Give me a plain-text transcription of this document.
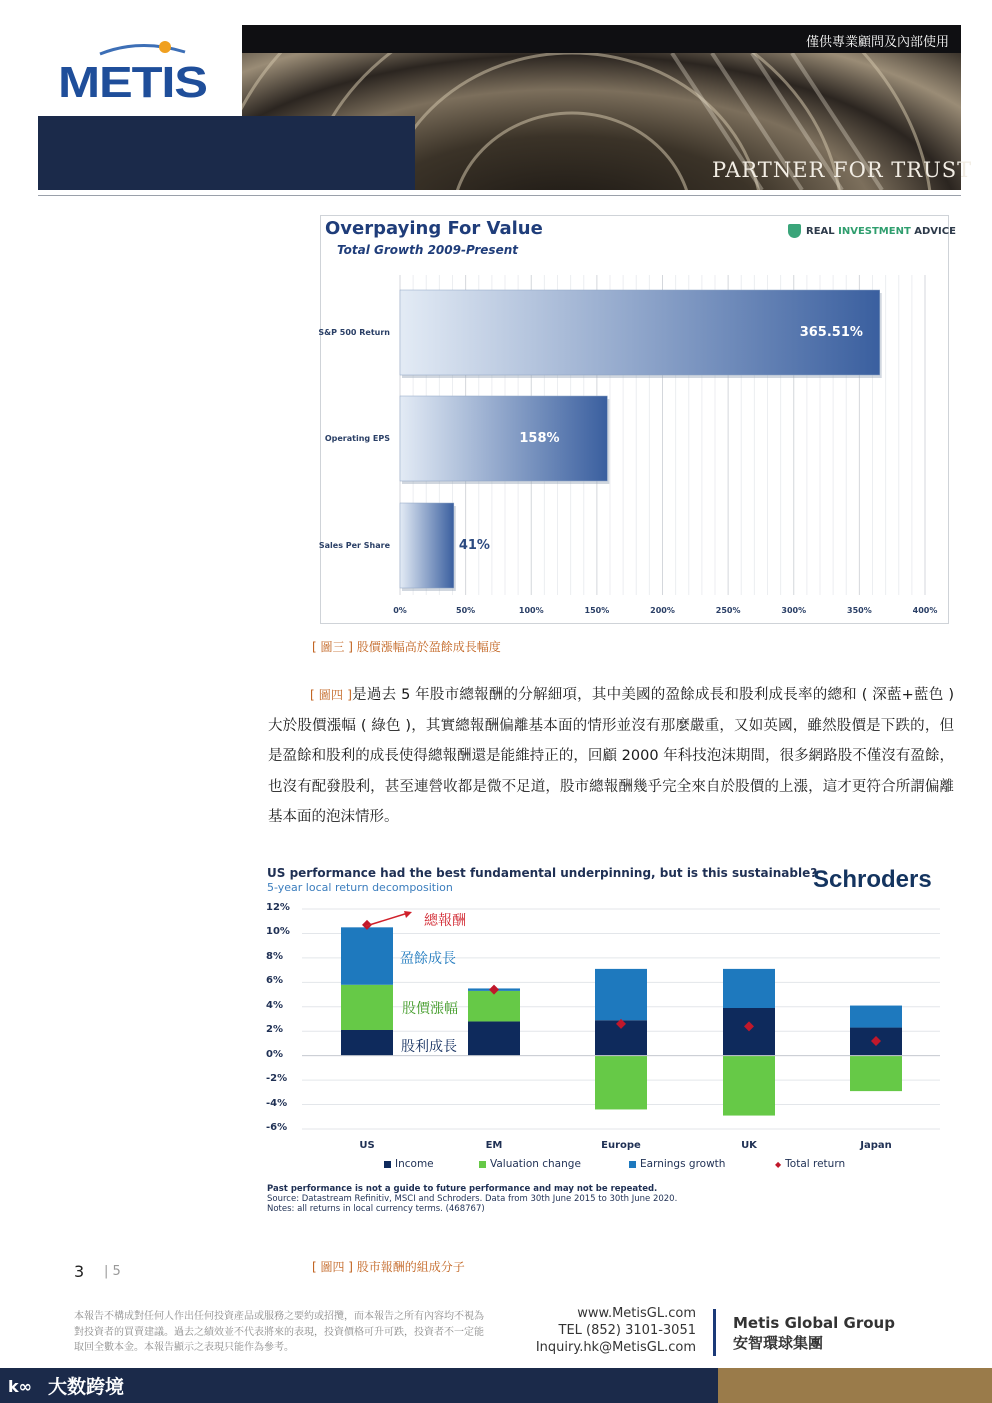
METIS
僅供專業顧問及內部使用
PARTNER FOR TRUST
Overpaying For Value
Total Growth 2009-Present
REAL INVESTMENT ADVICE
0%	50%	100%	150%	200%	250%	300%	350%	400%
S&P 500 Return	365.51%
Operating EPS	158%
Sales Per Share	41%
[ 圖三 ] 股價漲幅高於盈餘成長幅度
[ 圖四 ]是過去 5 年股市總報酬的分解細項，其中美國的盈餘成長和股利成長率的總和 ( 深藍+藍色 ) 大於股價漲幅 ( 綠色 )，其實總報酬偏離基本面的情形並沒有那麼嚴重，又如英國，雖然股價是下跌的，但是盈餘和股利的成長使得總報酬還是能維持正的，回顧 2000 年科技泡沫期間，很多網路股不僅沒有盈餘，也沒有配發股利，甚至連營收都是微不足道，股市總報酬幾乎完全來自於股價的上漲，這才更符合所謂偏離基本面的泡沫情形。
US performance had the best fundamental underpinning, but is this sustainable?
5-year local return decomposition	Schroders
12%
10%
8%
6%
4%
2%
0%
-2%
-4%
-6%
US	EM	Europe	UK	Japan
總報酬
盈餘成長
股價漲幅
股利成長
Income	Valuation change	Earnings growth	◆ Total return
Past performance is not a guide to future performance and may not be repeated.
Source: Datastream Refinitiv, MSCI and Schroders. Data from 30th June 2015 to 30th June 2020.
Notes: all returns in local currency terms. (468767)
[ 圖四 ] 股市報酬的組成分子
3 | 5
本報告不構成對任何人作出任何投資產品或服務之要約或招攬，而本報告之所有內容均不視為對投資者的買賣建議。過去之績效並不代表將來的表現，投資價格可升可跌，投資者不一定能取回全數本金。本報告顯示之表現只能作為參考。
www.MetisGL.com
TEL (852) 3101-3051
Inquiry.hk@MetisGL.com
Metis Global Group
安智環球集團
大数跨境
k∞
